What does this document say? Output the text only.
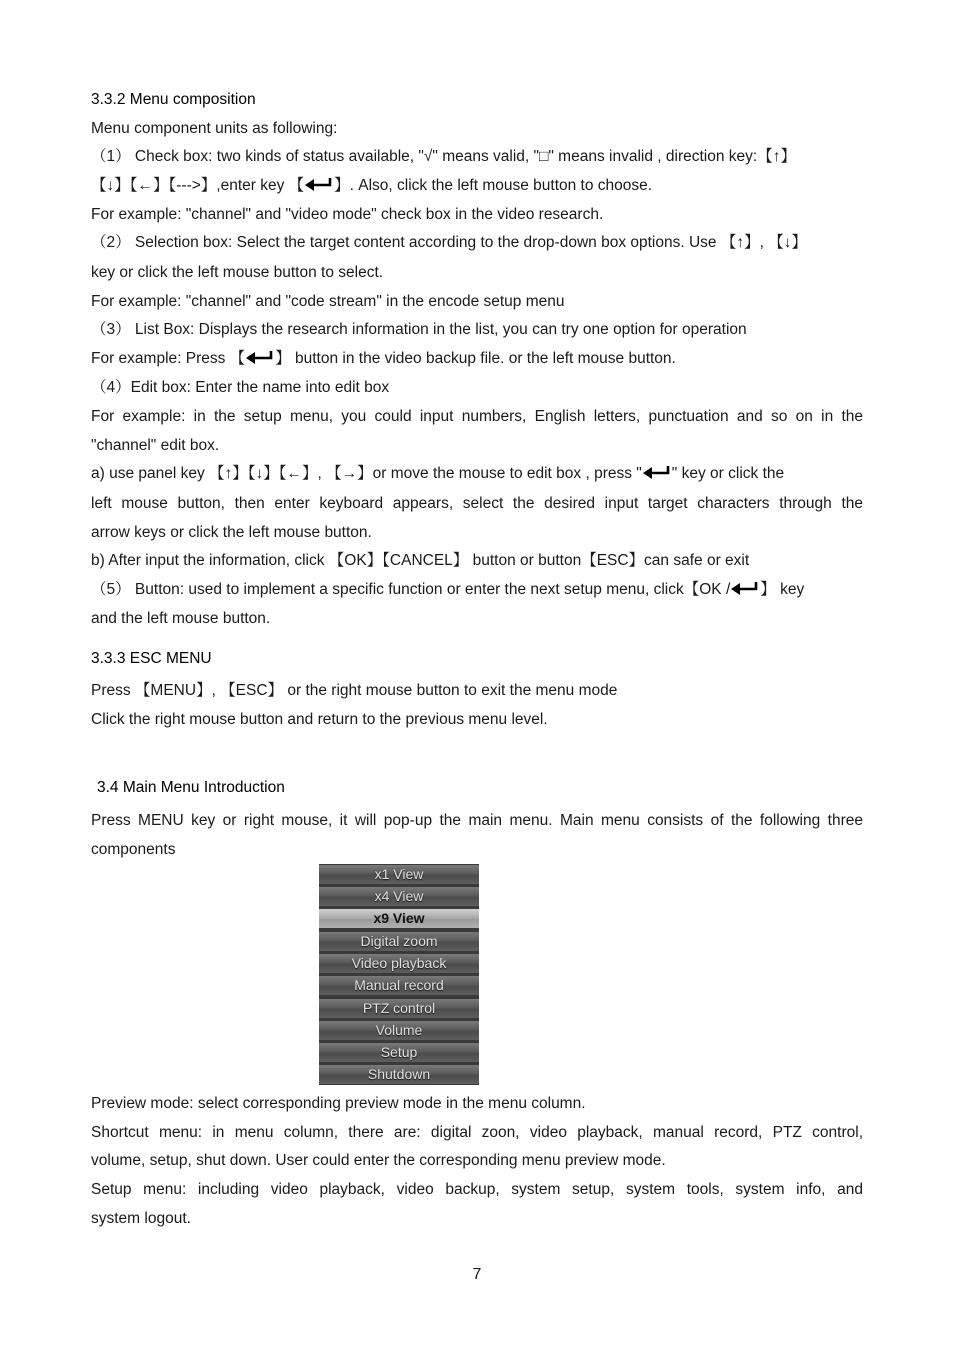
3.3.2 Menu composition
Menu component units as following:
（1） Check box: two kinds of status available, "√" means valid, "□" means invalid , direction key:【↑】
【↓】【←】【--->】,enter key 【 】. Also, click the left mouse button to choose.
For example: "channel" and "video mode" check box in the video research.
（2） Selection box: Select the target content according to the drop-down box options. Use 【↑】, 【↓】
key or click the left mouse button to select.
For example: "channel" and "code stream" in the encode setup menu
（3） List Box: Displays the research information in the list, you can try one option for operation
For example: Press 【 】 button in the video backup file. or the left mouse button.
（4）Edit box: Enter the name into edit box
For example: in the setup menu, you could input numbers, English letters, punctuation and so on in the
"channel" edit box.
a) use panel key 【↑】【↓】【←】, 【→】or move the mouse to edit box , press " " key or click the
left mouse button, then enter keyboard appears, select the desired input target characters through the
arrow keys or click the left mouse button.
b) After input the information, click 【OK】【CANCEL】 button or button【ESC】can safe or exit
（5） Button: used to implement a specific function or enter the next setup menu, click【OK / 】 key
and the left mouse button.
3.3.3 ESC MENU
Press 【MENU】, 【ESC】 or the right mouse button to exit the menu mode
Click the right mouse button and return to the previous menu level.
3.4 Main Menu Introduction
Press MENU key or right mouse, it will pop-up the main menu. Main menu consists of the following three
components
x1 View
x4 View
x9 View
Digital zoom
Video playback
Manual record
PTZ control
Volume
Setup
Shutdown
Preview mode: select corresponding preview mode in the menu column.
Shortcut menu: in menu column, there are: digital zoon, video playback, manual record, PTZ control,
volume, setup, shut down. User could enter the corresponding menu preview mode.
Setup menu: including video playback, video backup, system setup, system tools, system info, and
system logout.
7
